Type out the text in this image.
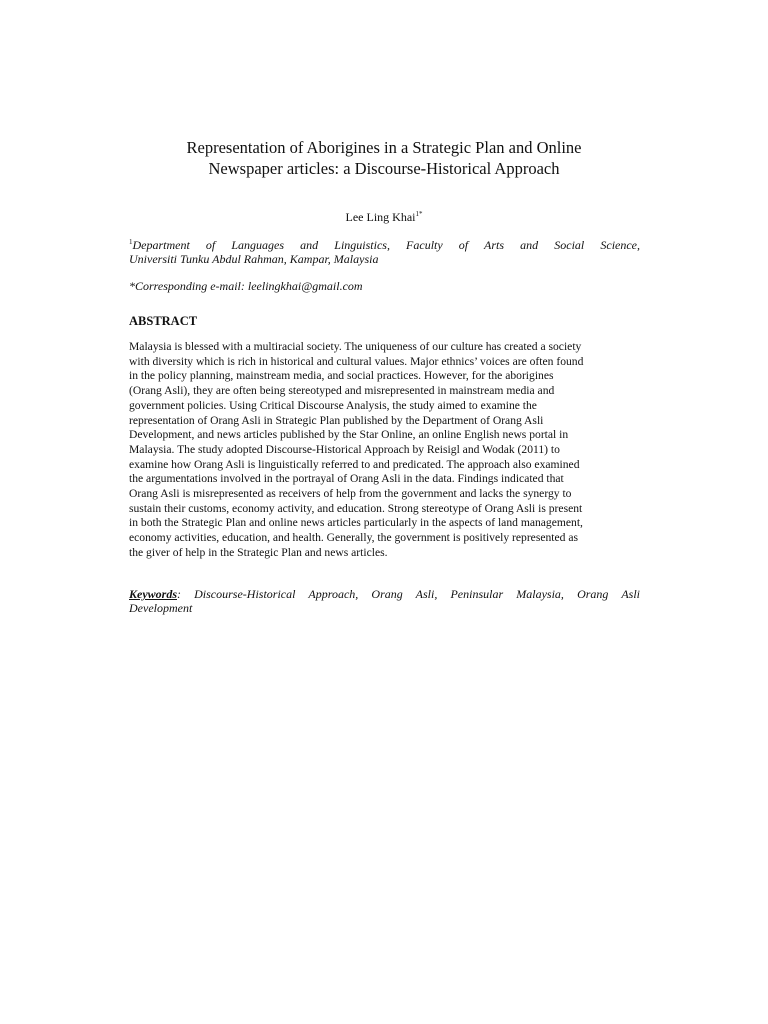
Representation of Aborigines in a Strategic Plan and Online
Newspaper articles: a Discourse-Historical Approach
Lee Ling Khai$^{1*}$
$^1$Department of Languages and Linguistics, Faculty of Arts and Social Science,
Universiti Tunku Abdul Rahman, Kampar, Malaysia
*Corresponding e-mail: leelingkhai@gmail.com
ABSTRACT
Malaysia is blessed with a multiracial society. The uniqueness of our culture has created a society
with diversity which is rich in historical and cultural values. Major ethnics’ voices are often found
in the policy planning, mainstream media, and social practices. However, for the aborigines
(Orang Asli), they are often being stereotyped and misrepresented in mainstream media and
government policies. Using Critical Discourse Analysis, the study aimed to examine the
representation of Orang Asli in Strategic Plan published by the Department of Orang Asli
Development, and news articles published by the Star Online, an online English news portal in
Malaysia. The study adopted Discourse-Historical Approach by Reisigl and Wodak (2011) to
examine how Orang Asli is linguistically referred to and predicated. The approach also examined
the argumentations involved in the portrayal of Orang Asli in the data. Findings indicated that
Orang Asli is misrepresented as receivers of help from the government and lacks the synergy to
sustain their customs, economy activity, and education. Strong stereotype of Orang Asli is present
in both the Strategic Plan and online news articles particularly in the aspects of land management,
economy activities, education, and health. Generally, the government is positively represented as
the giver of help in the Strategic Plan and news articles.
Keywords: Discourse-Historical Approach, Orang Asli, Peninsular Malaysia, Orang Asli
Development
